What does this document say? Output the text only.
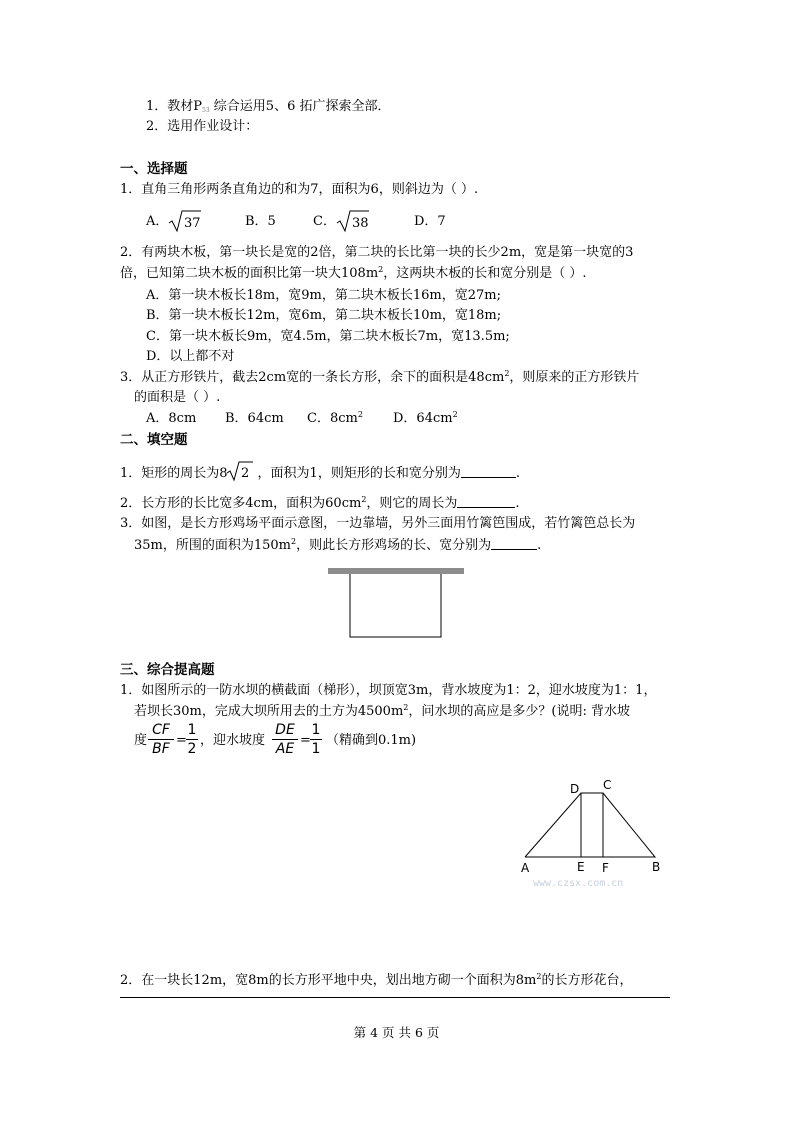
1．教材$P_{53}$ 综合运用5、6 拓广探索全部．
2．选用作业设计：
一、选择题
1．直角三角形两条直角边的和为7，面积为6，则斜边为（ ）.
A． 37	B．5	C． 38	D．7
2．有两块木板，第一块长是宽的2倍，第二块的长比第一块的长少2m，宽是第一块宽的3
倍，已知第二块木板的面积比第一块大$108m^2$，这两块木板的长和宽分别是（ ）.
A．第一块木板长18m，宽9m，第二块木板长16m，宽27m;
B．第一块木板长12m，宽6m，第二块木板长10m，宽18m;
C．第一块木板长9m，宽4.5m，第二块木板长7m，宽13.5m;
D．以上都不对
3．从正方形铁片，截去2cm宽的一条长方形，余下的面积是$48cm^2$，则原来的正方形铁片
的面积是（ ）.
A．8cm B．64cm C．$8cm^2$ D．$64cm^2$
二、填空题
1．矩形的周长为8 ，面积为1，则矩形的长和宽分别为	.
2
2．长方形的长比宽多4cm，面积为$60cm^2$，则它的周长为	.
3．如图，是长方形鸡场平面示意图，一边靠墙，另外三面用竹篱笆围成，若竹篱笆总长为
35m，所围的面积为$150m^2$，则此长方形鸡场的长、宽分别为	.
三、综合提高题
1．如图所示的一防水坝的横截面（梯形），坝顶宽3m，背水坡度为1：2，迎水坡度为1：1，
若坝长30m，完成大坝所用去的土方为$4500m^2$，问水坝的高应是多少？(说明: 背水坡
度
CF
BF
=
1
2
，迎水坡度
DE
AE
=
1
1
（精确到0.1m)
D C
A	E F	B
www.czsx.com.cn
2．在一块长12m，宽8m的长方形平地中央，划出地方砌一个面积为$8m^2$的长方形花台，
第 4 页 共 6 页
